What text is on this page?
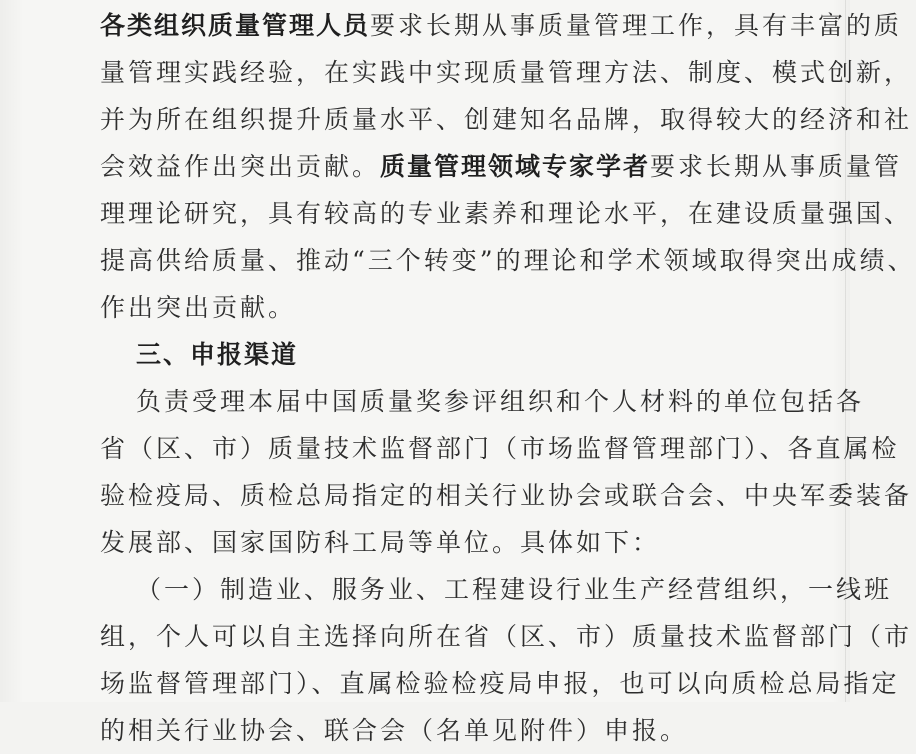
各类组织质量管理人员要求长期从事质量管理工作，具有丰富的质
量管理实践经验，在实践中实现质量管理方法、制度、模式创新，
并为所在组织提升质量水平、创建知名品牌，取得较大的经济和社
会效益作出突出贡献。质量管理领域专家学者要求长期从事质量管
理理论研究，具有较高的专业素养和理论水平，在建设质量强国、
提高供给质量、推动“三个转变”的理论和学术领域取得突出成绩、
作出突出贡献。
三、申报渠道
负责受理本届中国质量奖参评组织和个人材料的单位包括各
省（区、市）质量技术监督部门（市场监督管理部门）、各直属检
验检疫局、质检总局指定的相关行业协会或联合会、中央军委装备
发展部、国家国防科工局等单位。具体如下：
（一）制造业、服务业、工程建设行业生产经营组织，一线班
组，个人可以自主选择向所在省（区、市）质量技术监督部门（市
场监督管理部门）、直属检验检疫局申报，也可以向质检总局指定
的相关行业协会、联合会（名单见附件）申报。
